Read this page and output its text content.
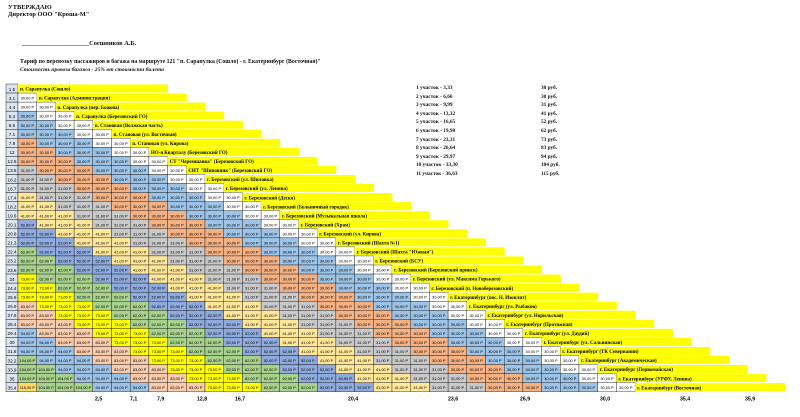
УТВЕРЖДАЮ
Директор ООО "Кроша-М"
_____________________Соешников А.Б.
Тариф по перевозку пассажиров и багажа на маршруте 121 "п. Сарапулка (Сошло) - г. Екатеринбург (Восточная)"
Стоимость провоза багажа - 25% от стоимости билета
1 участок - 3,33	30 руб.
2 участок - 6,66	30 руб.
3 участок - 9,99	31 руб.
4 участок - 13,32	41 руб.
5 участок - 16,65	52 руб.
6 участок - 19,98	62 руб.
7 участок - 23,31	73 руб.
8 участок - 26,64	83 руб.
9 участок - 29,97	94 руб.
10 участок - 33,30	104 руб.
11 участок - 36,63	115 руб.
1.5 п. Сарапулка (Сошло)
3.1 30,00 Р п. Сарапулка (Администрация)
4.4 30,00 Р 30,00 Р п. Сарапулка (пер. Божова)
5.3 30,00 Р 30,00 Р 30,00 Р п. Сарапулка (Березовский ГО)
6.5 30,00 Р 30,00 Р 30,00 Р 30,00 Р п. Становая (Волжская часть)
7.1 30,00 Р 30,00 Р 30,00 Р 30,00 Р 30,00 Р п. Становая (ул. Восточная)
7.9 30,00 Р 30,00 Р 30,00 Р 30,00 Р 30,00 Р 30,00 Р п. Становая (ул. Кирова)
12 30,00 Р 30,00 Р 30,00 Р 30,00 Р 30,00 Р 30,00 Р 30,00 Р НО-я Кварталу (Березовский ГО)
12.5 30,00 Р 30,00 Р 30,00 Р 30,00 Р 30,00 Р 30,00 Р 30,00 Р 30,00 Р СТ "Черемшанка" (Березовский ГО)
13.5 31,00 Р 30,00 Р 30,00 Р 30,00 Р 30,00 Р 30,00 Р 30,00 Р 30,00 Р 30,00 Р СНТ "Шиповник" (Березовский ГО)
16.2 31,00 Р 31,00 Р 30,00 Р 30,00 Р 30,00 Р 30,00 Р 30,00 Р 30,00 Р 30,00 Р 30,00 Р г. Березовский (ул. Шиловка)
16.7 31,00 Р 31,00 Р 31,00 Р 30,00 Р 30,00 Р 30,00 Р 30,00 Р 30,00 Р 30,00 Р 30,00 Р 30,00 Р г. Березовский (ул. Ленина)
17.4 41,00 Р 31,00 Р 31,00 Р 31,00 Р 30,00 Р 30,00 Р 30,00 Р 30,00 Р 30,00 Р 30,00 Р 30,00 Р 30,00 Р г. Березовский (Деско)
18.2 41,00 Р 41,00 Р 31,00 Р 31,00 Р 31,00 Р 30,00 Р 30,00 Р 30,00 Р 30,00 Р 30,00 Р 30,00 Р 30,00 Р 30,00 Р г. Березовский (Больничный городок)
19.6 41,00 Р 41,00 Р 41,00 Р 31,00 Р 31,00 Р 31,00 Р 30,00 Р 30,00 Р 30,00 Р 30,00 Р 30,00 Р 30,00 Р 30,00 Р 30,00 Р г. Березовский (Музыкальная школа)
20.1 52,00 Р 41,00 Р 41,00 Р 41,00 Р 31,00 Р 31,00 Р 31,00 Р 30,00 Р 30,00 Р 30,00 Р 30,00 Р 30,00 Р 30,00 Р 30,00 Р 30,00 Р г. Березовский (Храм)
20.8 52,00 Р 52,00 Р 41,00 Р 41,00 Р 41,00 Р 31,00 Р 31,00 Р 31,00 Р 30,00 Р 30,00 Р 30,00 Р 30,00 Р 30,00 Р 30,00 Р 30,00 Р 30,00 Р г. Березовский (ул. Кирова)
21.3 52,00 Р 52,00 Р 52,00 Р 41,00 Р 41,00 Р 41,00 Р 31,00 Р 31,00 Р 31,00 Р 30,00 Р 30,00 Р 30,00 Р 30,00 Р 30,00 Р 30,00 Р 30,00 Р 30,00 Р г. Березовский (Шахта №1)
22.4 62,00 Р 52,00 Р 52,00 Р 52,00 Р 41,00 Р 41,00 Р 41,00 Р 31,00 Р 31,00 Р 31,00 Р 30,00 Р 30,00 Р 30,00 Р 30,00 Р 30,00 Р 30,00 Р 30,00 Р 30,00 Р г. Березовский (Шахта "Южная")
23.2 62,00 Р 62,00 Р 52,00 Р 52,00 Р 52,00 Р 41,00 Р 41,00 Р 41,00 Р 31,00 Р 31,00 Р 31,00 Р 30,00 Р 30,00 Р 30,00 Р 30,00 Р 30,00 Р 30,00 Р 30,00 Р 30,00 Р г. Березовский (БСУ)
23.6 62,00 Р 62,00 Р 62,00 Р 52,00 Р 52,00 Р 52,00 Р 41,00 Р 41,00 Р 41,00 Р 31,00 Р 31,00 Р 31,00 Р 30,00 Р 30,00 Р 30,00 Р 30,00 Р 30,00 Р 30,00 Р 30,00 Р 30,00 Р г. Березовский (Березовский прииск)
24 73,00 Р 62,00 Р 62,00 Р 62,00 Р 52,00 Р 52,00 Р 52,00 Р 41,00 Р 41,00 Р 41,00 Р 31,00 Р 31,00 Р 31,00 Р 30,00 Р 30,00 Р 30,00 Р 30,00 Р 30,00 Р 30,00 Р 30,00 Р 30,00 Р г. Березовский (ул. Максима Горького)
24.4 73,00 Р 73,00 Р 62,00 Р 62,00 Р 62,00 Р 52,00 Р 52,00 Р 52,00 Р 41,00 Р 41,00 Р 41,00 Р 31,00 Р 31,00 Р 31,00 Р 30,00 Р 30,00 Р 30,00 Р 30,00 Р 30,00 Р 30,00 Р 30,00 Р 30,00 Р г. Березовский (п. Новоберезовский)
25.9 73,00 Р 73,00 Р 73,00 Р 62,00 Р 62,00 Р 62,00 Р 52,00 Р 52,00 Р 52,00 Р 41,00 Р 41,00 Р 41,00 Р 31,00 Р 31,00 Р 31,00 Р 30,00 Р 30,00 Р 30,00 Р 30,00 Р 30,00 Р 30,00 Р 30,00 Р 30,00 Р г. Екатеринбург (пос. Н. Изоплит)
26.9 83,00 Р 73,00 Р 73,00 Р 73,00 Р 62,00 Р 62,00 Р 62,00 Р 52,00 Р 52,00 Р 52,00 Р 41,00 Р 41,00 Р 41,00 Р 31,00 Р 31,00 Р 31,00 Р 30,00 Р 30,00 Р 30,00 Р 30,00 Р 30,00 Р 30,00 Р 30,00 Р 30,00 Р г. Екатеринбург (ул. Рыбаков)
27.6 83,00 Р 83,00 Р 73,00 Р 73,00 Р 73,00 Р 62,00 Р 62,00 Р 62,00 Р 52,00 Р 52,00 Р 52,00 Р 41,00 Р 41,00 Р 41,00 Р 31,00 Р 31,00 Р 31,00 Р 30,00 Р 30,00 Р 30,00 Р 30,00 Р 30,00 Р 30,00 Р 30,00 Р 30,00 Р г. Екатеринбург (ул. Норильская)
28.4 83,00 Р 83,00 Р 83,00 Р 73,00 Р 73,00 Р 73,00 Р 62,00 Р 62,00 Р 62,00 Р 52,00 Р 52,00 Р 52,00 Р 41,00 Р 41,00 Р 41,00 Р 31,00 Р 31,00 Р 31,00 Р 30,00 Р 30,00 Р 30,00 Р 30,00 Р 30,00 Р 30,00 Р 30,00 Р 30,00 Р г. Екатеринбург (Протяжная)
29.4 94,00 Р 83,00 Р 83,00 Р 83,00 Р 73,00 Р 73,00 Р 73,00 Р 62,00 Р 62,00 Р 62,00 Р 52,00 Р 52,00 Р 52,00 Р 41,00 Р 41,00 Р 41,00 Р 31,00 Р 31,00 Р 31,00 Р 30,00 Р 30,00 Р 30,00 Р 30,00 Р 30,00 Р 30,00 Р 30,00 Р 30,00 Р г. Екатеринбург (ул. Даудий)
30 94,00 Р 94,00 Р 83,00 Р 83,00 Р 83,00 Р 73,00 Р 73,00 Р 73,00 Р 62,00 Р 62,00 Р 62,00 Р 52,00 Р 52,00 Р 52,00 Р 41,00 Р 41,00 Р 41,00 Р 31,00 Р 31,00 Р 31,00 Р 30,00 Р 30,00 Р 30,00 Р 30,00 Р 30,00 Р 30,00 Р 30,00 Р 30,00 Р г. Екатеринбург (ул. Сальнинская)
31.8 94,00 Р 94,00 Р 94,00 Р 83,00 Р 83,00 Р 83,00 Р 73,00 Р 73,00 Р 73,00 Р 62,00 Р 62,00 Р 62,00 Р 52,00 Р 52,00 Р 52,00 Р 41,00 Р 41,00 Р 41,00 Р 31,00 Р 31,00 Р 31,00 Р 30,00 Р 30,00 Р 30,00 Р 30,00 Р 30,00 Р 30,00 Р 30,00 Р 30,00 Р г. Екатеринбург (ТК Северианин)
32.2 104,00 Р 94,00 Р 94,00 Р 94,00 Р 83,00 Р 83,00 Р 83,00 Р 73,00 Р 73,00 Р 73,00 Р 62,00 Р 62,00 Р 62,00 Р 52,00 Р 52,00 Р 52,00 Р 41,00 Р 41,00 Р 41,00 Р 31,00 Р 31,00 Р 31,00 Р 30,00 Р 30,00 Р 30,00 Р 30,00 Р 30,00 Р 30,00 Р 30,00 Р 30,00 Р г. Екатеринбург (Академическая)
33.9 104,00 Р 104,00 Р 94,00 Р 94,00 Р 94,00 Р 83,00 Р 83,00 Р 83,00 Р 73,00 Р 73,00 Р 73,00 Р 62,00 Р 62,00 Р 62,00 Р 52,00 Р 52,00 Р 52,00 Р 41,00 Р 41,00 Р 41,00 Р 31,00 Р 31,00 Р 31,00 Р 30,00 Р 30,00 Р 30,00 Р 30,00 Р 30,00 Р 30,00 Р 30,00 Р 30,00 Р г. Екатеринбург (Первомайская)
35 104,00 Р 104,00 Р 104,00 Р 94,00 Р 94,00 Р 94,00 Р 83,00 Р 83,00 Р 83,00 Р 73,00 Р 73,00 Р 73,00 Р 62,00 Р 62,00 Р 62,00 Р 52,00 Р 52,00 Р 52,00 Р 41,00 Р 41,00 Р 41,00 Р 31,00 Р 31,00 Р 31,00 Р 30,00 Р 30,00 Р 30,00 Р 30,00 Р 30,00 Р 30,00 Р 30,00 Р 30,00 Р г. Екатеринбург (УРФУ, Ленина)
35.4 115,00 Р 104,00 Р 104,00 Р 104,00 Р 94,00 Р 94,00 Р 94,00 Р 83,00 Р 83,00 Р 83,00 Р 73,00 Р 73,00 Р 73,00 Р 62,00 Р 62,00 Р 62,00 Р 52,00 Р 52,00 Р 52,00 Р 41,00 Р 41,00 Р 41,00 Р 31,00 Р 31,00 Р 31,00 Р 30,00 Р 30,00 Р 30,00 Р 30,00 Р 30,00 Р 30,00 Р 30,00 Р 30,00 Р г. Екатеринбург (Восточная)
2,5	7,1	7,9	12,8	16,7	20,4	23,6	26,9	30,0	35,4	35,9
